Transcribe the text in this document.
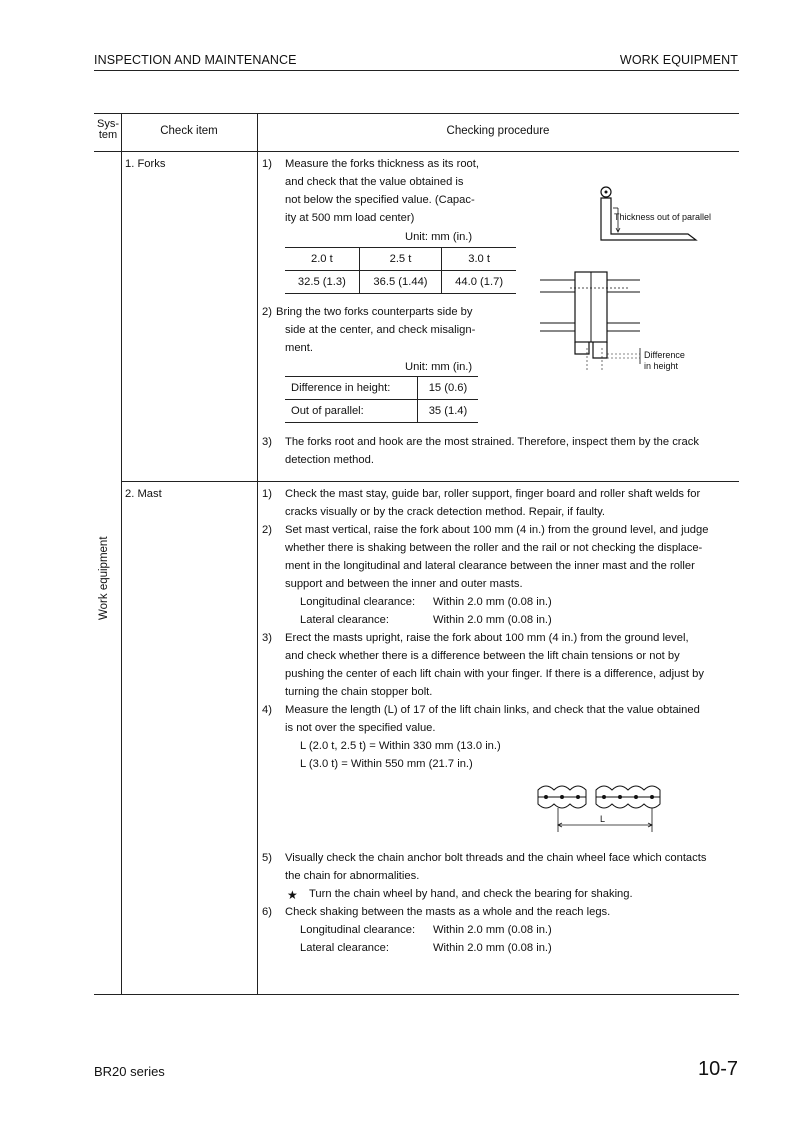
INSPECTION AND MAINTENANCE	WORK EQUIPMENT
Sys-
tem	Check item	Checking procedure
Work equipment
1. Forks	1) Measure the forks thickness as its root,
and check that the value obtained is
not below the specified value. (Capac-
ity at 500 mm load center)
Unit: mm (in.)
2.0 t	2.5 t	3.0 t
32.5 (1.3)	36.5 (1.44)	44.0 (1.7)
2) Bring the two forks counterparts side by
side at the center, and check misalign-
ment.
Unit: mm (in.)
Difference in height:	15 (0.6)
Out of parallel:	35 (1.4)
3) The forks root and hook are the most strained. Therefore, inspect them by the crack
detection method.
Thickness out of parallel
Difference
in height
2. Mast	1) Check the mast stay, guide bar, roller support, finger board and roller shaft welds for
cracks visually or by the crack detection method. Repair, if faulty.
2) Set mast vertical, raise the fork about 100 mm (4 in.) from the ground level, and judge
whether there is shaking between the roller and the rail or not checking the displace-
ment in the longitudinal and lateral clearance between the inner mast and the roller
support and between the inner and outer masts.
Longitudinal clearance: Within 2.0 mm (0.08 in.)
Lateral clearance:	Within 2.0 mm (0.08 in.)
3) Erect the masts upright, raise the fork about 100 mm (4 in.) from the ground level,
and check whether there is a difference between the lift chain tensions or not by
pushing the center of each lift chain with your finger. If there is a difference, adjust by
turning the chain stopper bolt.
4) Measure the length (L) of 17 of the lift chain links, and check that the value obtained
is not over the specified value.
L (2.0 t, 2.5 t) = Within 330 mm (13.0 in.)
L (3.0 t) = Within 550 mm (21.7 in.)
L
5) Visually check the chain anchor bolt threads and the chain wheel face which contacts
the chain for abnormalities.
★ Turn the chain wheel by hand, and check the bearing for shaking.
6) Check shaking between the masts as a whole and the reach legs.
Longitudinal clearance: Within 2.0 mm (0.08 in.)
Lateral clearance:	Within 2.0 mm (0.08 in.)
BR20 series	10-7
